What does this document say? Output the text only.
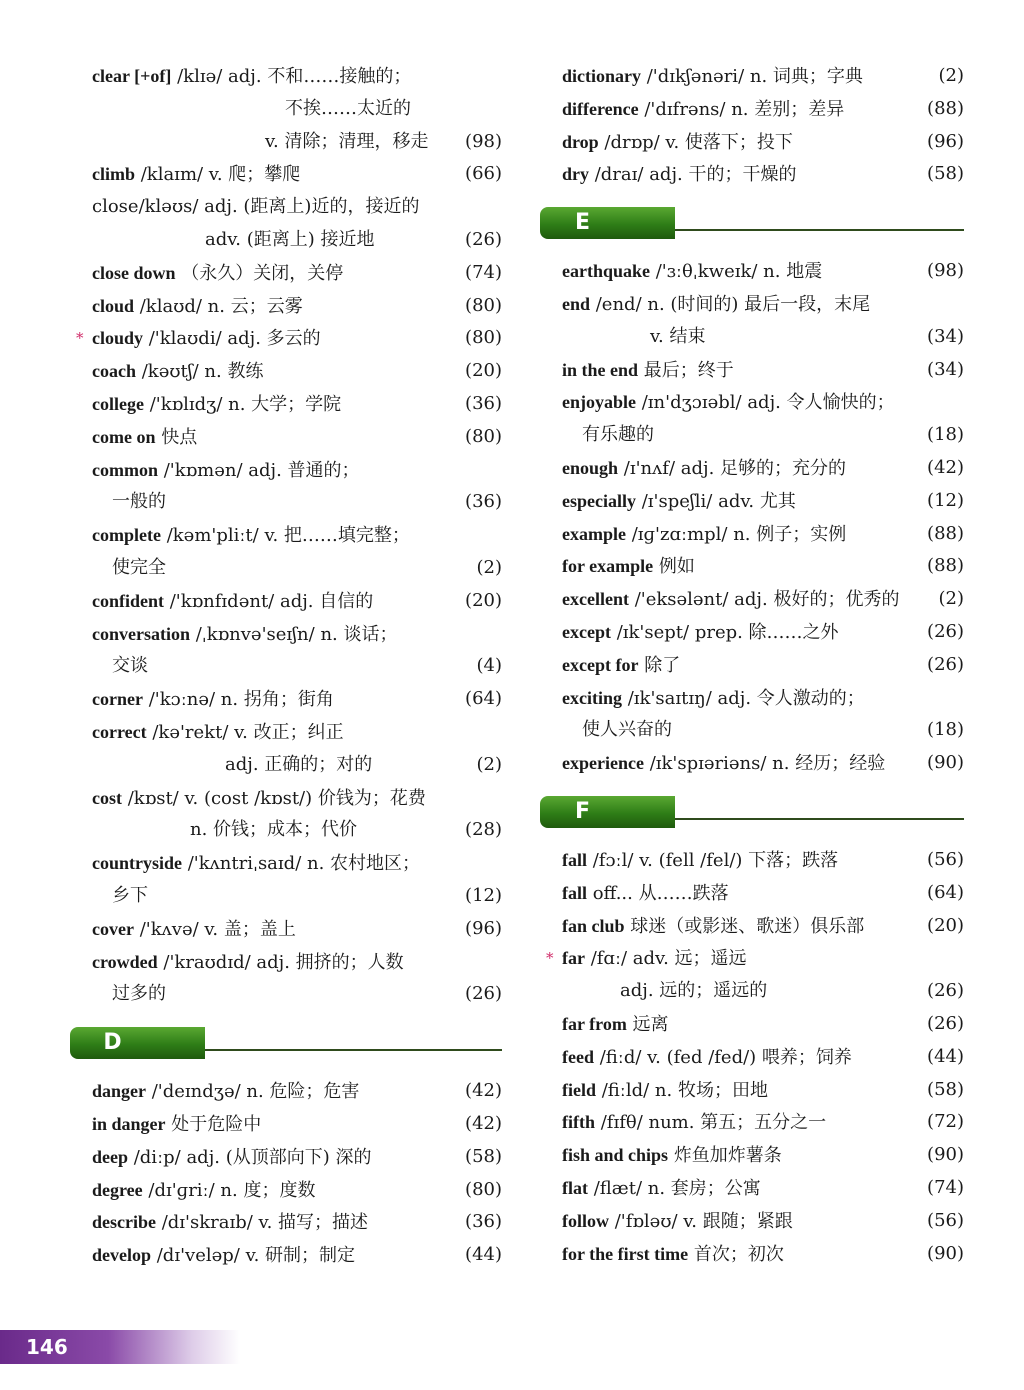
clear [+of] /klɪə/ adj. 不和……接触的；
不挨……太近的
v. 清除；清理，移走 (98)
climb /klaɪm/ v. 爬；攀爬	(66)
close/kləʊs/ adj. (距离上)近的，接近的
adv. (距离上) 接近地	(26)
close down （永久）关闭，关停	(74)
cloud /klaʊd/ n. 云；云雾	(80)
* cloudy /'klaʊdi/ adj. 多云的	(80)
coach /kəʊtʃ/ n. 教练	(20)
college /'kɒlɪdʒ/ n. 大学；学院	(36)
come on 快点	(80)
common /'kɒmən/ adj. 普通的；
一般的	(36)
complete /kəm'pliːt/ v. 把……填完整；
使完全	(2)
confident /'kɒnfɪdənt/ adj. 自信的	(20)
conversation /ˌkɒnvə'seɪʃn/ n. 谈话；
交谈	(4)
corner /'kɔːnə/ n. 拐角；街角	(64)
correct /kə'rekt/ v. 改正；纠正
adj. 正确的；对的	(2)
cost /kɒst/ v. (cost /kɒst/) 价钱为；花费
n. 价钱；成本；代价	(28)
countryside /'kʌntriˌsaɪd/ n. 农村地区；
乡下	(12)
cover /'kʌvə/ v. 盖；盖上	(96)
crowded /'kraʊdɪd/ adj. 拥挤的；人数
过多的	(26)
D
danger /'deɪndʒə/ n. 危险；危害	(42)
in danger 处于危险中	(42)
deep /diːp/ adj. (从顶部向下) 深的	(58)
degree /dɪ'ɡriː/ n. 度；度数	(80)
describe /dɪ'skraɪb/ v. 描写；描述	(36)
develop /dɪ'veləp/ v. 研制；制定	(44)
dictionary /'dɪkʃənəri/ n. 词典；字典	(2)
difference /'dɪfrəns/ n. 差别；差异	(88)
drop /drɒp/ v. 使落下；投下	(96)
dry /draɪ/ adj. 干的；干燥的	(58)
E
earthquake /'ɜːθˌkweɪk/ n. 地震	(98)
end /end/ n. (时间的) 最后一段，末尾
v. 结束	(34)
in the end 最后；终于	(34)
enjoyable /ɪn'dʒɔɪəbl/ adj. 令人愉快的；
有乐趣的	(18)
enough /ɪ'nʌf/ adj. 足够的；充分的	(42)
especially /ɪ'speʃli/ adv. 尤其	(12)
example /ɪɡ'zɑːmpl/ n. 例子；实例	(88)
for example 例如	(88)
excellent /'eksələnt/ adj. 极好的；优秀的 (2)
except /ɪk'sept/ prep. 除……之外	(26)
except for 除了	(26)
exciting /ɪk'saɪtɪŋ/ adj. 令人激动的；
使人兴奋的	(18)
experience /ɪk'spɪəriəns/ n. 经历；经验 (90)
F
fall /fɔːl/ v. (fell /fel/) 下落；跌落	(56)
fall off... 从……跌落	(64)
fan club 球迷（或影迷、歌迷）俱乐部	(20)
* far /fɑː/ adv. 远；遥远
adj. 远的；遥远的	(26)
far from 远离	(26)
feed /fiːd/ v. (fed /fed/) 喂养；饲养	(44)
field /fiːld/ n. 牧场；田地	(58)
fifth /fɪfθ/ num. 第五；五分之一	(72)
fish and chips 炸鱼加炸薯条	(90)
flat /flæt/ n. 套房；公寓	(74)
follow /'fɒləʊ/ v. 跟随；紧跟	(56)
for the first time 首次；初次	(90)
146
